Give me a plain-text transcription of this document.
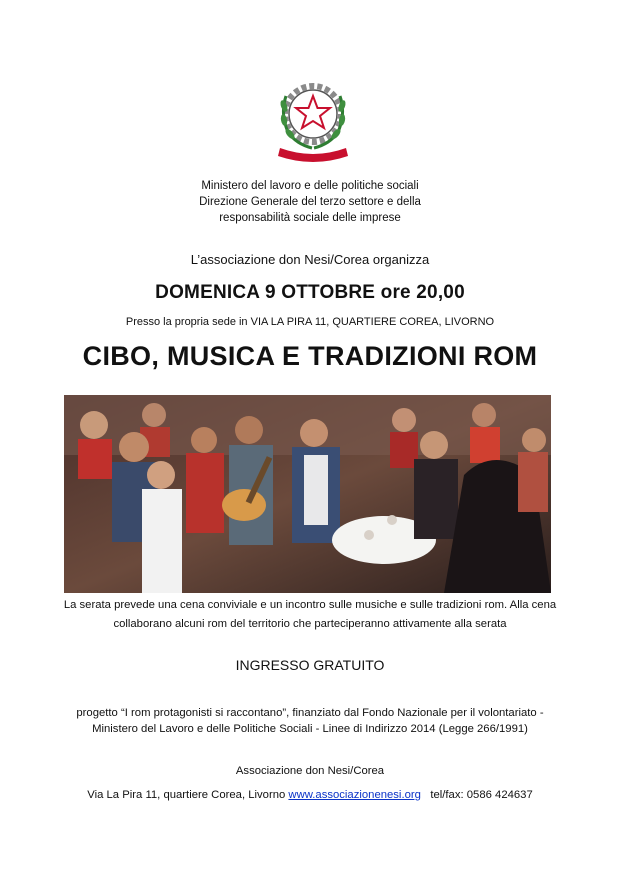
Ministero del lavoro e delle politiche sociali
Direzione Generale del terzo settore e della
responsabilità sociale delle imprese
L’associazione don Nesi/Corea organizza
DOMENICA 9 OTTOBRE ore 20,00
Presso la propria sede in VIA LA PIRA 11, QUARTIERE COREA, LIVORNO
CIBO, MUSICA E TRADIZIONI ROM
La serata prevede una cena conviviale e un incontro sulle musiche e sulle tradizioni rom. Alla cena
collaborano alcuni rom del territorio che parteciperanno attivamente alla serata
INGRESSO GRATUITO
progetto “I rom protagonisti si raccontano”, finanziato dal Fondo Nazionale per il volontariato -
Ministero del Lavoro e delle Politiche Sociali - Linee di Indirizzo 2014 (Legge 266/1991)
Associazione don Nesi/Corea
Via La Pira 11, quartiere Corea, Livorno www.associazionenesi.org tel/fax: 0586 424637
